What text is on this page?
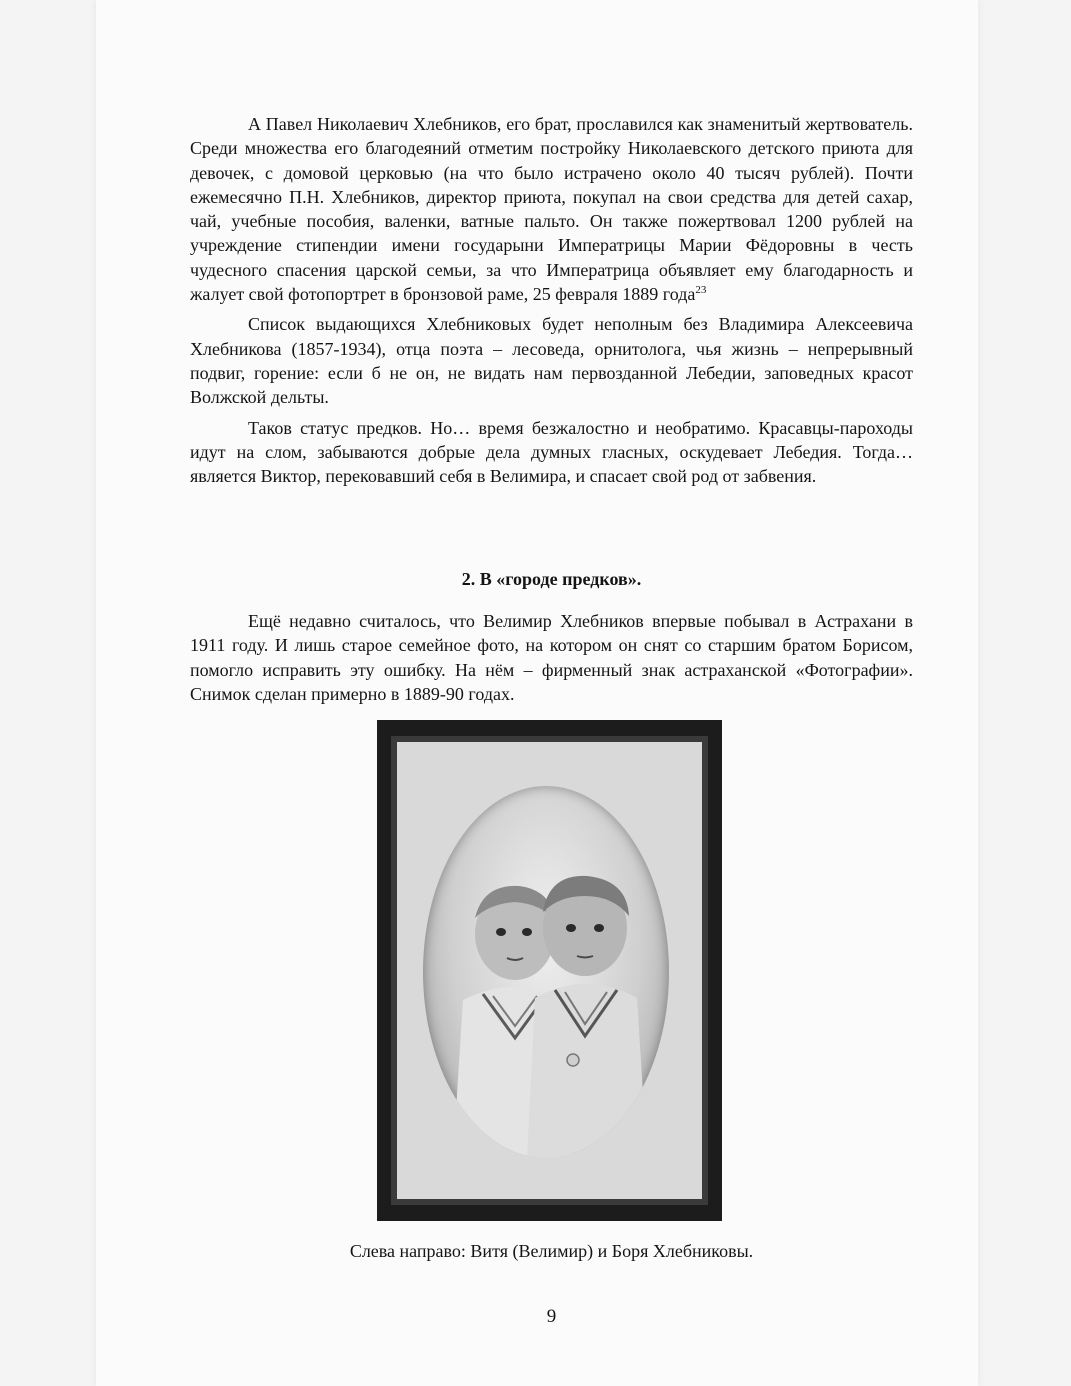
А Павел Николаевич Хлебников, его брат, прославился как знаменитый жертвователь. Среди множества его благодеяний отметим постройку Николаевского детского приюта для девочек, с домовой церковью (на что было истрачено около 40 тысяч рублей). Почти ежемесячно П.Н. Хлебников, директор приюта, покупал на свои средства для детей сахар, чай, учебные пособия, валенки, ватные пальто. Он также пожертвовал 1200 рублей на учреждение стипендии имени государыни Императрицы Марии Фёдоровны в честь чудесного спасения царской семьи, за что Императрица объявляет ему благодарность и жалует свой фотопортрет в бронзовой раме, 25 февраля 1889 года$^{23}$

Список выдающихся Хлебниковых будет неполным без Владимира Алексеевича Хлебникова (1857-1934), отца поэта – лесоведа, орнитолога, чья жизнь – непрерывный подвиг, горение: если б не он, не видать нам первозданной Лебедии, заповедных красот Волжской дельты.

Таков статус предков. Но… время безжалостно и необратимо. Красавцы-пароходы идут на слом, забываются добрые дела думных гласных, оскудевает Лебедия. Тогда… является Виктор, перековавший себя в Велимира, и спасает свой род от забвения.

2. В «городе предков».

Ещё недавно считалось, что Велимир Хлебников впервые побывал в Астрахани в 1911 году. И лишь старое семейное фото, на котором он снят со старшим братом Борисом, помогло исправить эту ошибку. На нём – фирменный знак астраханской «Фотографии». Снимок сделан примерно в 1889-90 годах.

Слева направо: Витя (Велимир) и Боря Хлебниковы.
9
